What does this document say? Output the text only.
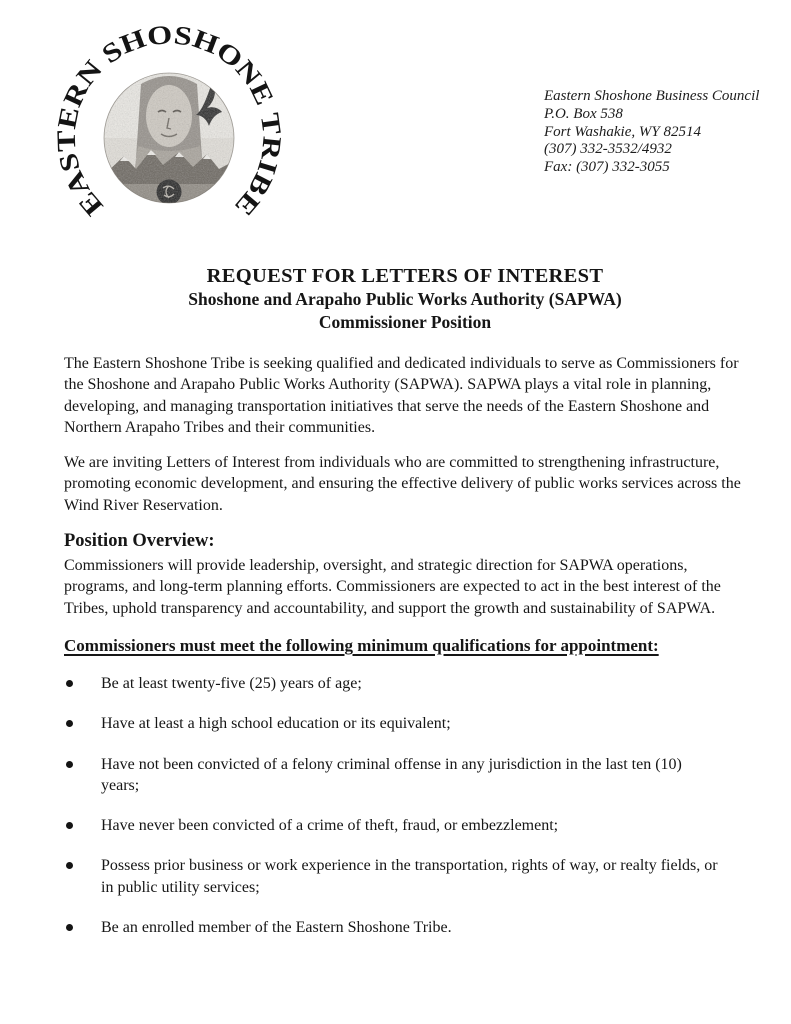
EASTERN SHOSHONE TRIBE
Eastern Shoshone Business Council
P.O. Box 538
Fort Washakie, WY 82514
(307) 332-3532/4932
Fax: (307) 332-3055
REQUEST FOR LETTERS OF INTEREST
Shoshone and Arapaho Public Works Authority (SAPWA)
Commissioner Position

The Eastern Shoshone Tribe is seeking qualified and dedicated individuals to serve as Commissioners for the Shoshone and Arapaho Public Works Authority (SAPWA). SAPWA plays a vital role in planning, developing, and managing transportation initiatives that serve the needs of the Eastern Shoshone and Northern Arapaho Tribes and their communities.

We are inviting Letters of Interest from individuals who are committed to strengthening infrastructure, promoting economic development, and ensuring the effective delivery of public works services across the Wind River Reservation.

Position Overview:

Commissioners will provide leadership, oversight, and strategic direction for SAPWA operations, programs, and long-term planning efforts. Commissioners are expected to act in the best interest of the Tribes, uphold transparency and accountability, and support the growth and sustainability of SAPWA.

Commissioners must meet the following minimum qualifications for appointment:
Be at least twenty-five (25) years of age;
Have at least a high school education or its equivalent;
Have not been convicted of a felony criminal offense in any jurisdiction in the last ten (10) years;
Have never been convicted of a crime of theft, fraud, or embezzlement;
Possess prior business or work experience in the transportation, rights of way, or realty fields, or in public utility services;
Be an enrolled member of the Eastern Shoshone Tribe.
